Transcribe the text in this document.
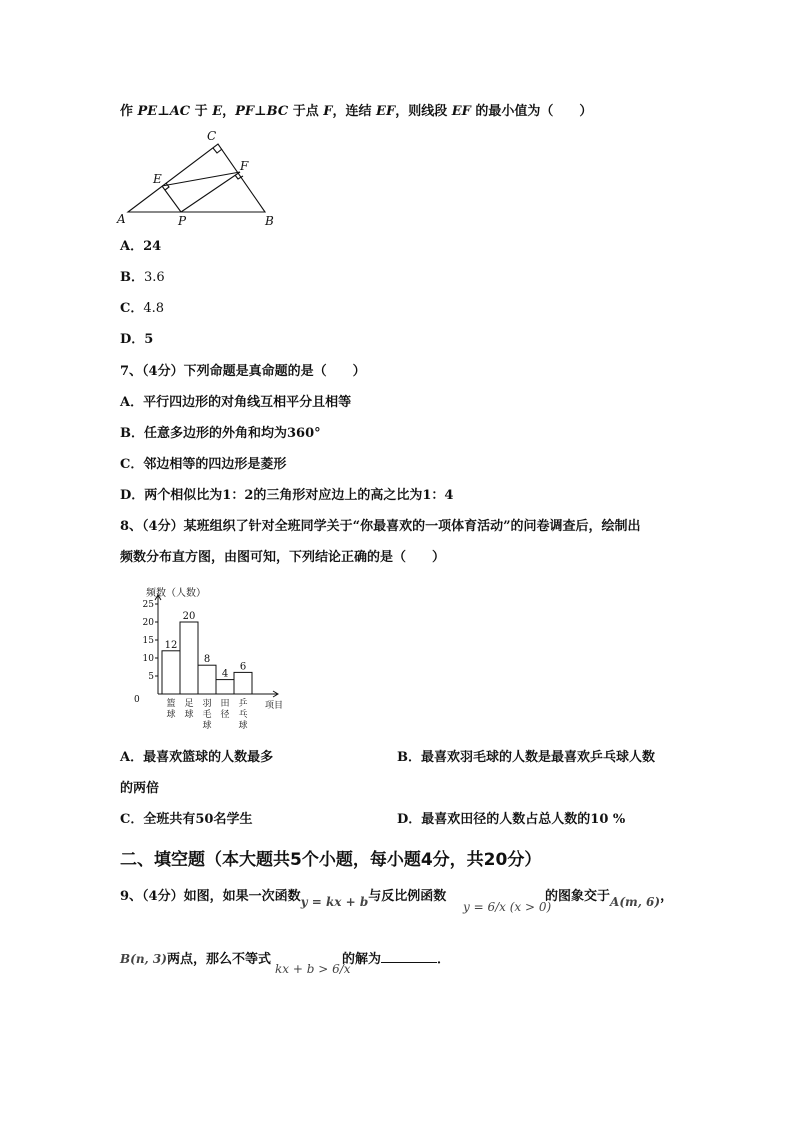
作 PE⊥AC 于 E，PF⊥BC 于点 F，连结 EF，则线段 EF 的最小值为（　　）
A	B
C
E
F
P
A．24
B．3.6
C．4.8
D．5
7、（4分）下列命题是真命题的是（　　）
A．平行四边形的对角线互相平分且相等
B．任意多边形的外角和均为360°
C．邻边相等的四边形是菱形
D．两个相似比为1：2的三角形对应边上的高之比为1：4
8、（4分）某班组织了针对全班同学关于“你最喜欢的一项体育活动”的问卷调查后，绘制出
频数分布直方图，由图可知，下列结论正确的是（　　）
频数（人数）
项目
0
5
10
15
20
25
12
20
8
4
6
篮球
足球
羽毛球
田径
乒乓球
A．最喜欢篮球的人数最多	B．最喜欢羽毛球的人数是最喜欢乒乓球人数
的两倍
C．全班共有50名学生	D．最喜欢田径的人数占总人数的10 %
二、填空题（本大题共5个小题，每小题4分，共20分）
9、（4分）如图，如果一次函数y = kx + b与反比例函数
y = 6/x (x > 0)
的图象交于A(m, 6)，
B(n, 3)两点，那么不等式
kx + b > 6/x
的解为	．
